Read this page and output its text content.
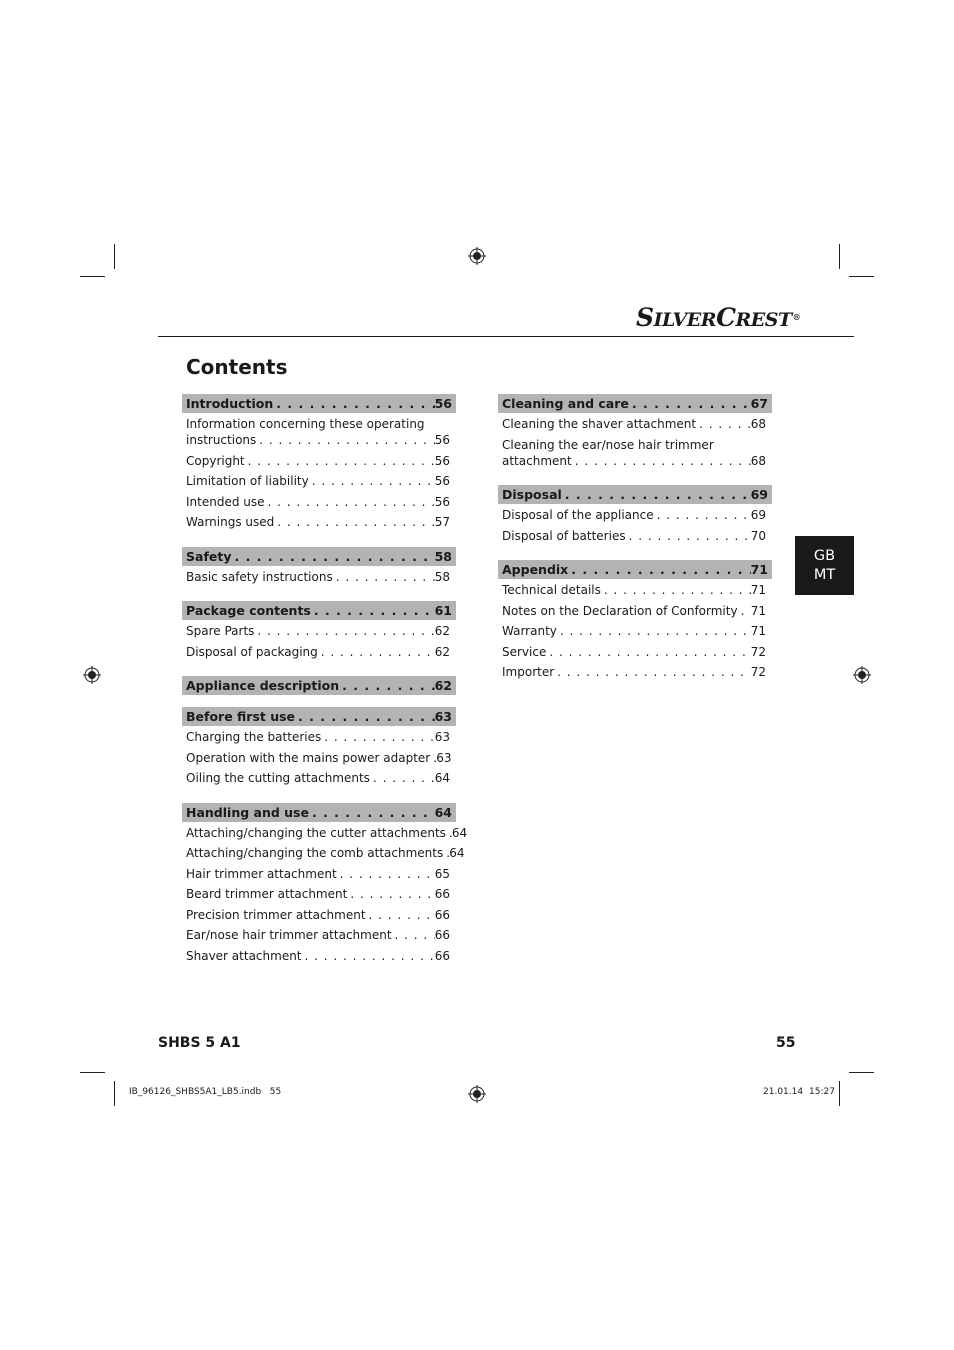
SILVERCREST®
Contents
GB
MT
Introduction . . .	56
Information concerning these operating
instructions . . .	56
Copyright . . .	56
Limitation of liability . . .	56
Intended use . . .	56
Warnings used . . .	57
Safety . . .	58
Basic safety instructions . . .	58
Package contents . . .	61
Spare Parts . . .	62
Disposal of packaging . . .	62
Appliance description . . .	62
Before first use . . .	63
Charging the batteries . . .	63
Operation with the mains power adapter . . . 63
Oiling the cutting attachments . . .	64
Handling and use . . .	64
Attaching/changing the cutter attachments . . . 64
Attaching/changing the comb attachments . . . 64
Hair trimmer attachment . . .	65
Beard trimmer attachment . . .	66
Precision trimmer attachment . . .	66
Ear/nose hair trimmer attachment . . .	66
Shaver attachment . . .	66
Cleaning and care . . .	67
Cleaning the shaver attachment . . .	68
Cleaning the ear/nose hair trimmer
attachment . . .	68
Disposal . . .	69
Disposal of the appliance . . .	69
Disposal of batteries . . .	70
Appendix . . .	71
Technical details . . .	71
Notes on the Declaration of Conformity . . . 71
Warranty . . .	71
Service . . .	72
Importer . . .	72
SHBS 5 A1	55
IB_96126_SHBS5A1_LB5.indb   55	21.01.14 15:27
